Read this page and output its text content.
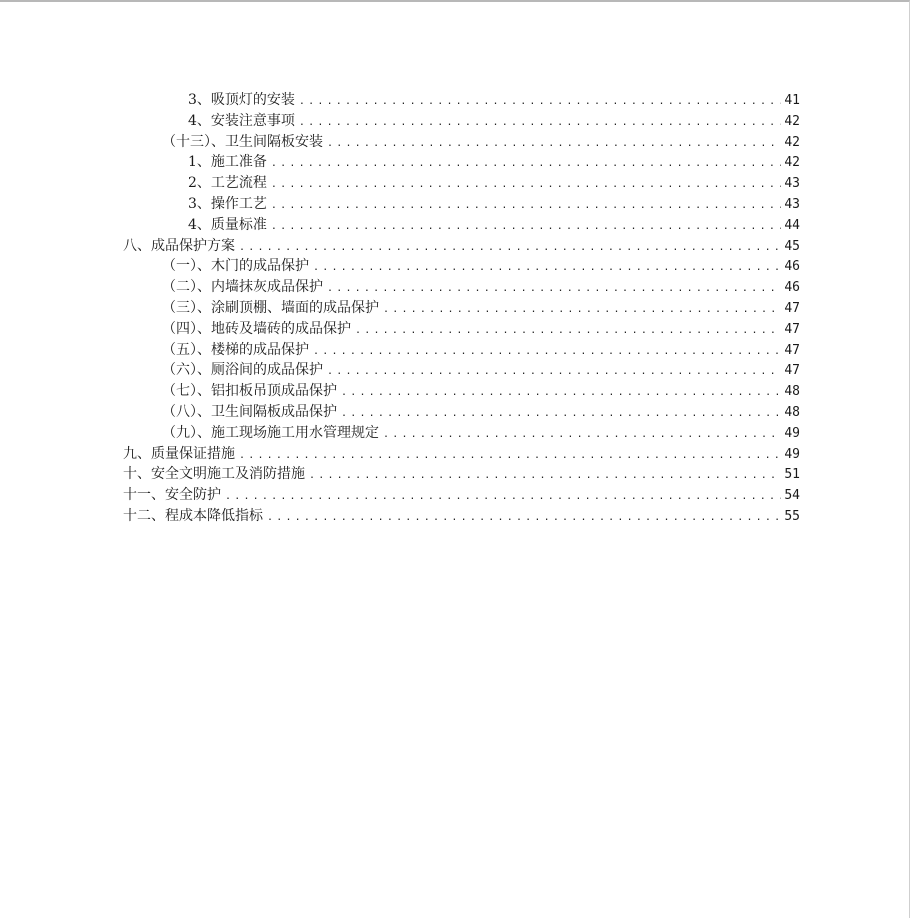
3、吸顶灯的安装 .....	41
4、安装注意事项 .....	42
（十三）、卫生间隔板安装 .....	42
1、施工准备 .....	42
2、工艺流程 .....	43
3、操作工艺 .....	43
4、质量标准 .....	44
八、成品保护方案 .....	45
（一）、木门的成品保护 .....	46
（二）、内墙抹灰成品保护 .....	46
（三）、涂刷顶棚、墙面的成品保护 .....	47
（四）、地砖及墙砖的成品保护 .....	47
（五）、楼梯的成品保护 .....	47
（六）、厕浴间的成品保护 .....	47
（七）、铝扣板吊顶成品保护 .....	48
（八）、卫生间隔板成品保护 .....	48
（九）、施工现场施工用水管理规定 .....	49
九、质量保证措施 .....	49
十、安全文明施工及消防措施 .....	51
十一、安全防护 .....	54
十二、程成本降低指标 .....	55
